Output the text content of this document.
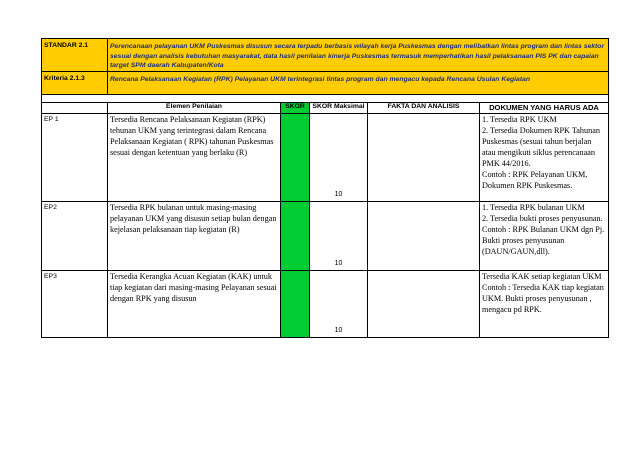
STANDAR 2.1	Perencanaan pelayanan UKM Puskesmas disusun secara terpadu berbasis wilayah kerja Puskesmas dengan melibatkan lintas program dan lintas sektor sesuai dengan analisis kebutuhan masyarakat, data hasil penilaian kinerja Puskesmas termasuk memperhatikan hasil pelaksanaan PIS PK dan capaian target SPM daerah Kabupaten/Kota				
Kriteria 2.1.3	Rencana Pelaksanaan Kegiatan (RPK) Pelayanan UKM terintegrasi lintas program dan mengacu kepada Rencana Usulan Kegiatan				

	Elemen Penilaian	SKOR	SKOR Maksimal	FAKTA DAN ANALISIS	DOKUMEN YANG HARUS ADA
EP 1	Tersedia Rencana Pelaksanaan Kegiatan (RPK) tehunan UKM yang terintegrasi dalam Rencana Pelaksanaan Kegiatan ( RPK) tahunan Puskesmas sesuai dengan ketentuan yang berlaku (R)		10		1. Tersedia RPK UKM
2. Tersedia Dokumen RPK Tahunan Puskesmas (sesuai tahun berjalan atau mengikuti siklus perencanaan PMK 44/2016.
Contoh : RPK Pelayanan UKM, Dokumen RPK Puskesmas.

EP2	Tersedia RPK bulanan untuk masing-masing pelayanan UKM yang disusun setiap bulan dengan kejelasan pelaksanaan tiap kegiatan (R)		10		1. Tersedia RPK bulanan UKM
2. Tersedia bukti proses penyusunan. Contoh : RPK Bulanan UKM dgn Pj. Bukti proses penyusunan (DAUN/GAUN,dll).

EP3	Tersedia Kerangka Acuan Kegiatan (KAK) untuk tiap kegiatan dari masing-masing Pelayanan sesuai dengan RPK yang disusun		10		Tersedia KAK setiap kegiatan UKM Contoh : Tersedia KAK tiap kegiatan UKM. Bukti proses penyusunan , mengacu pd RPK.
